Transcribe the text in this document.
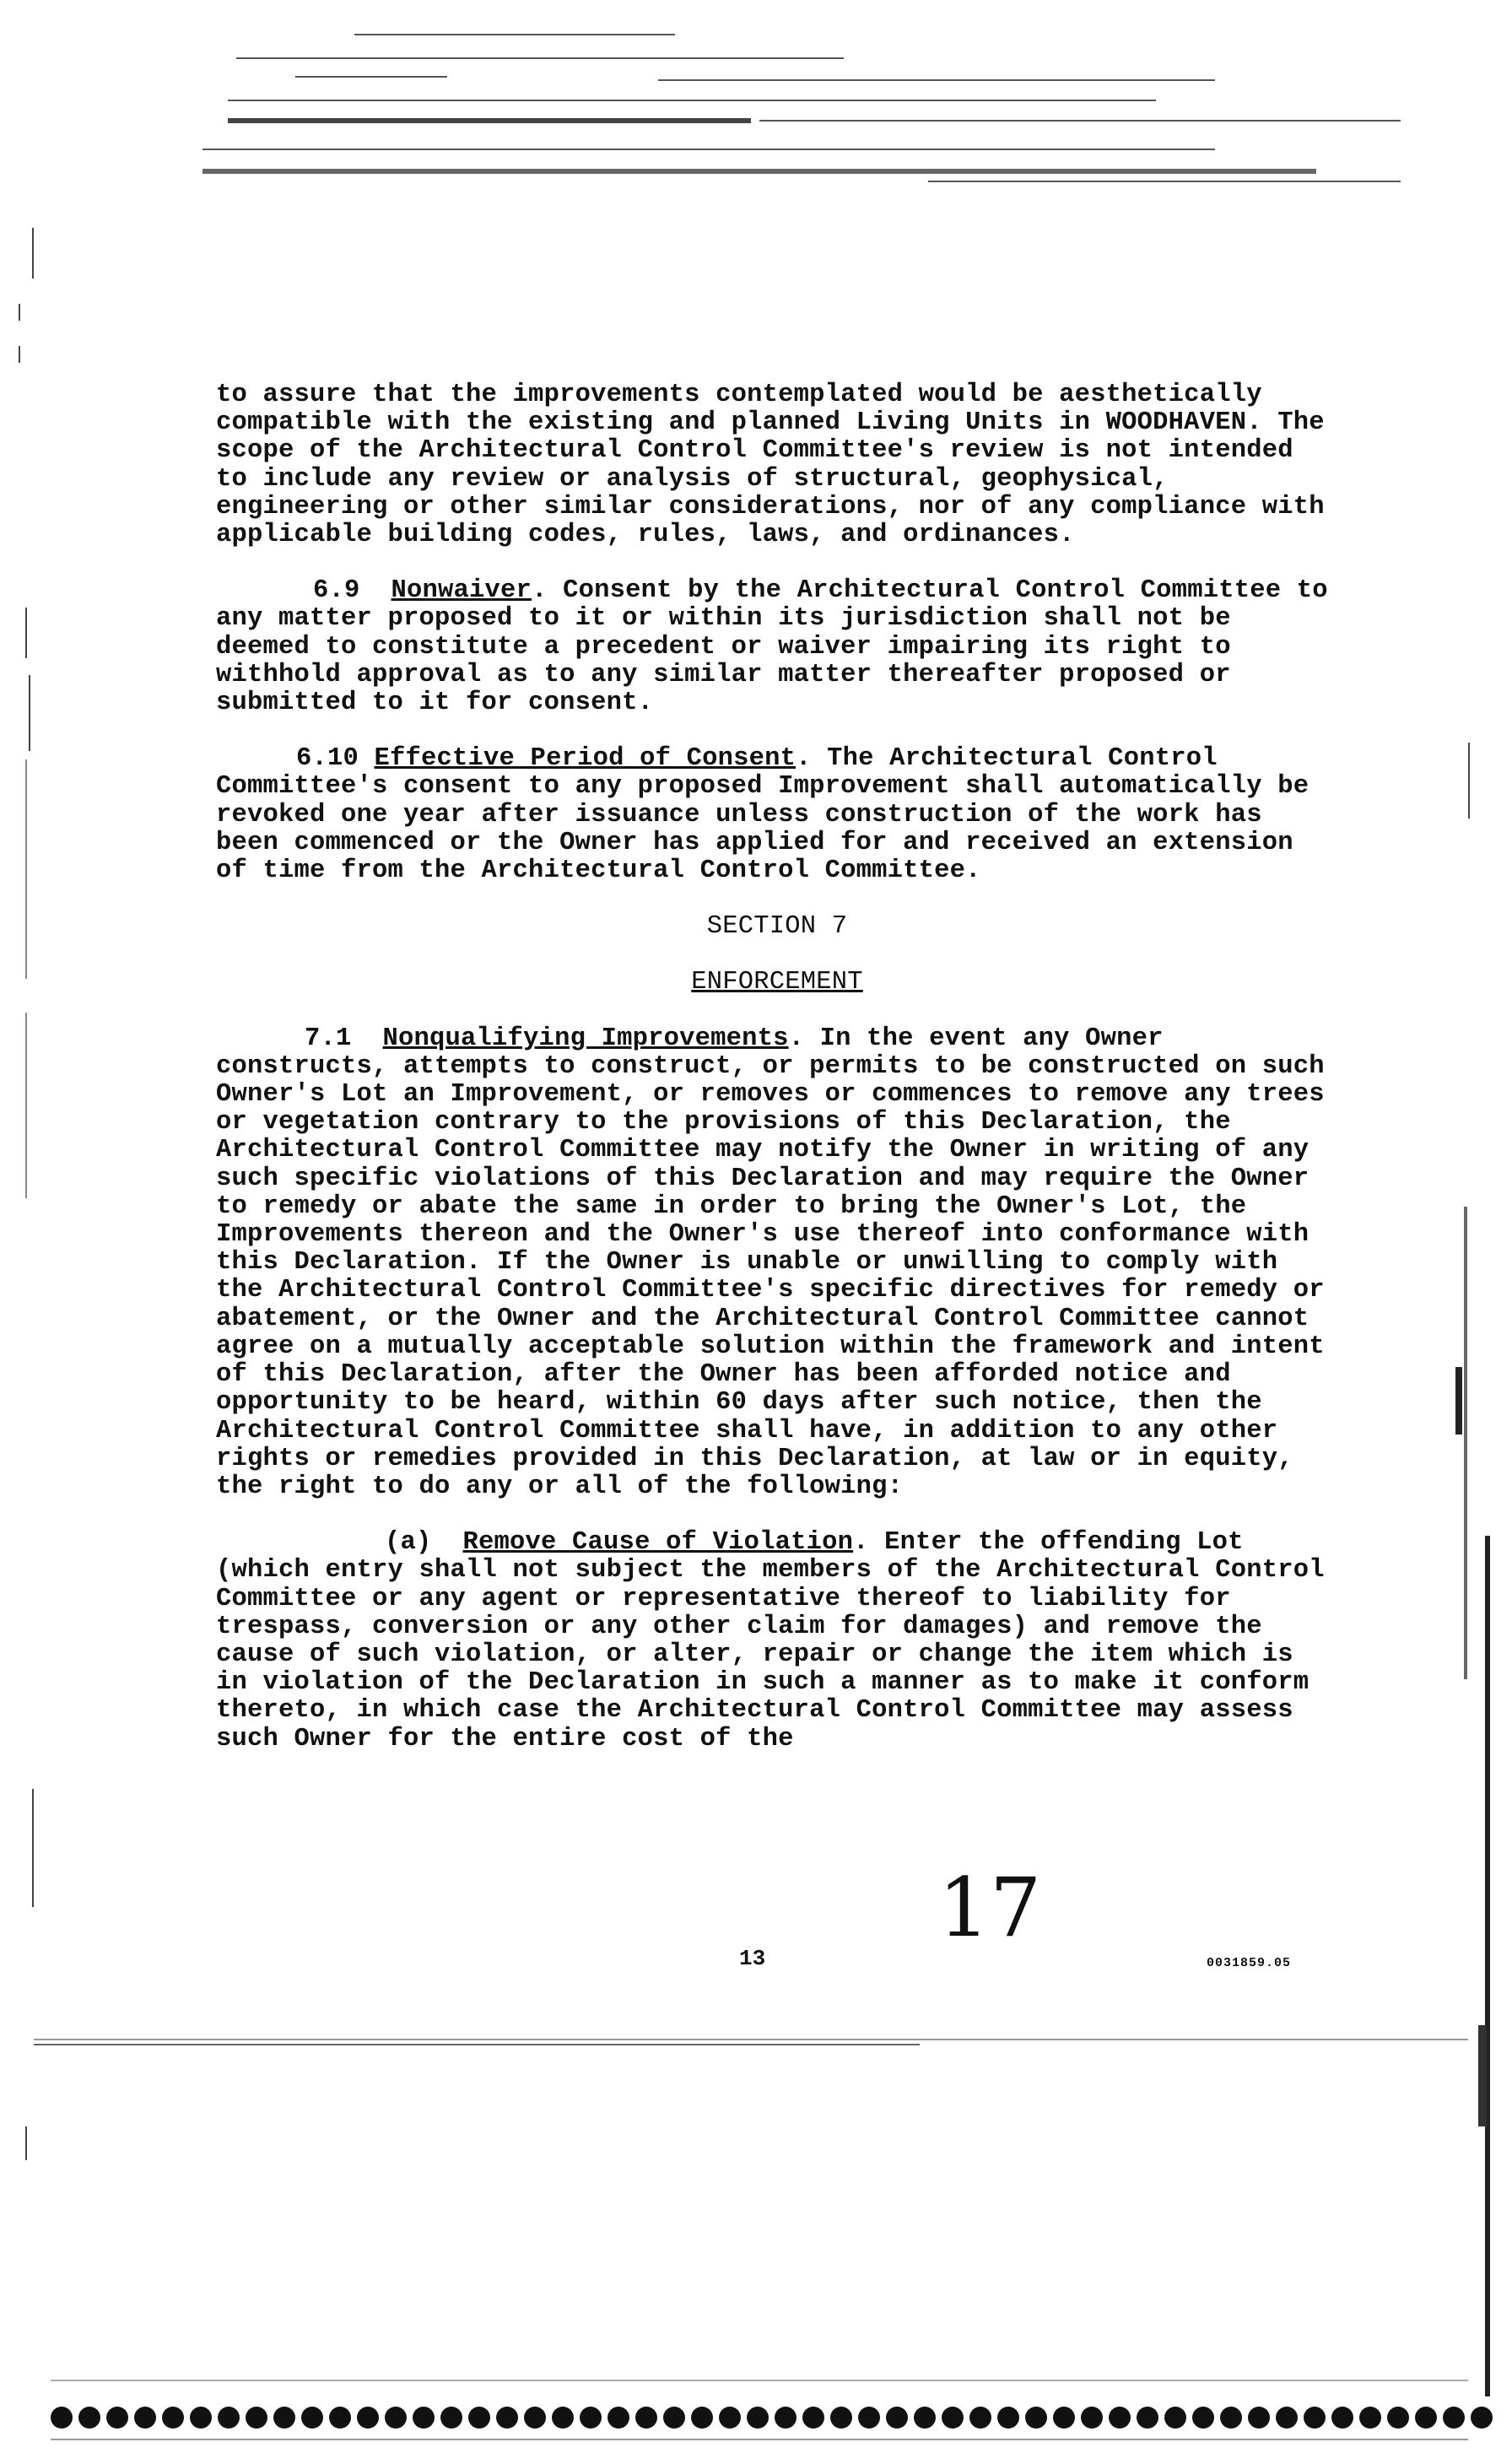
to assure that the improvements contemplated would be aesthetically compatible with the existing and planned Living Units in WOODHAVEN. The scope of the Architectural Control Committee's review is not intended to include any review or analysis of structural, geophysical, engineering or other similar considerations, nor of any compliance with applicable building codes, rules, laws, and ordinances.

6.9 Nonwaiver. Consent by the Architectural Control Committee to any matter proposed to it or within its jurisdiction shall not be deemed to constitute a precedent or waiver impairing its right to withhold approval as to any similar matter thereafter proposed or submitted to it for consent.

6.10 Effective Period of Consent. The Architectural Control Committee's consent to any proposed Improvement shall automatically be revoked one year after issuance unless construction of the work has been commenced or the Owner has applied for and received an extension of time from the Architectural Control Committee.

SECTION 7

ENFORCEMENT

7.1 Nonqualifying Improvements. In the event any Owner constructs, attempts to construct, or permits to be constructed on such Owner's Lot an Improvement, or removes or commences to remove any trees or vegetation contrary to the provisions of this Declaration, the Architectural Control Committee may notify the Owner in writing of any such specific violations of this Declaration and may require the Owner to remedy or abate the same in order to bring the Owner's Lot, the Improvements thereon and the Owner's use thereof into conformance with this Declaration. If the Owner is unable or unwilling to comply with the Architectural Control Committee's specific directives for remedy or abatement, or the Owner and the Architectural Control Committee cannot agree on a mutually acceptable solution within the framework and intent of this Declaration, after the Owner has been afforded notice and opportunity to be heard, within 60 days after such notice, then the Architectural Control Committee shall have, in addition to any other rights or remedies provided in this Declaration, at law or in equity, the right to do any or all of the following:

(a) Remove Cause of Violation. Enter the offending Lot (which entry shall not subject the members of the Architectural Control Committee or any agent or representative thereof to liability for trespass, conversion or any other claim for damages) and remove the cause of such violation, or alter, repair or change the item which is in violation of the Declaration in such a manner as to make it conform thereto, in which case the Architectural Control Committee may assess such Owner for the entire cost of the

17
13	0031859.05
